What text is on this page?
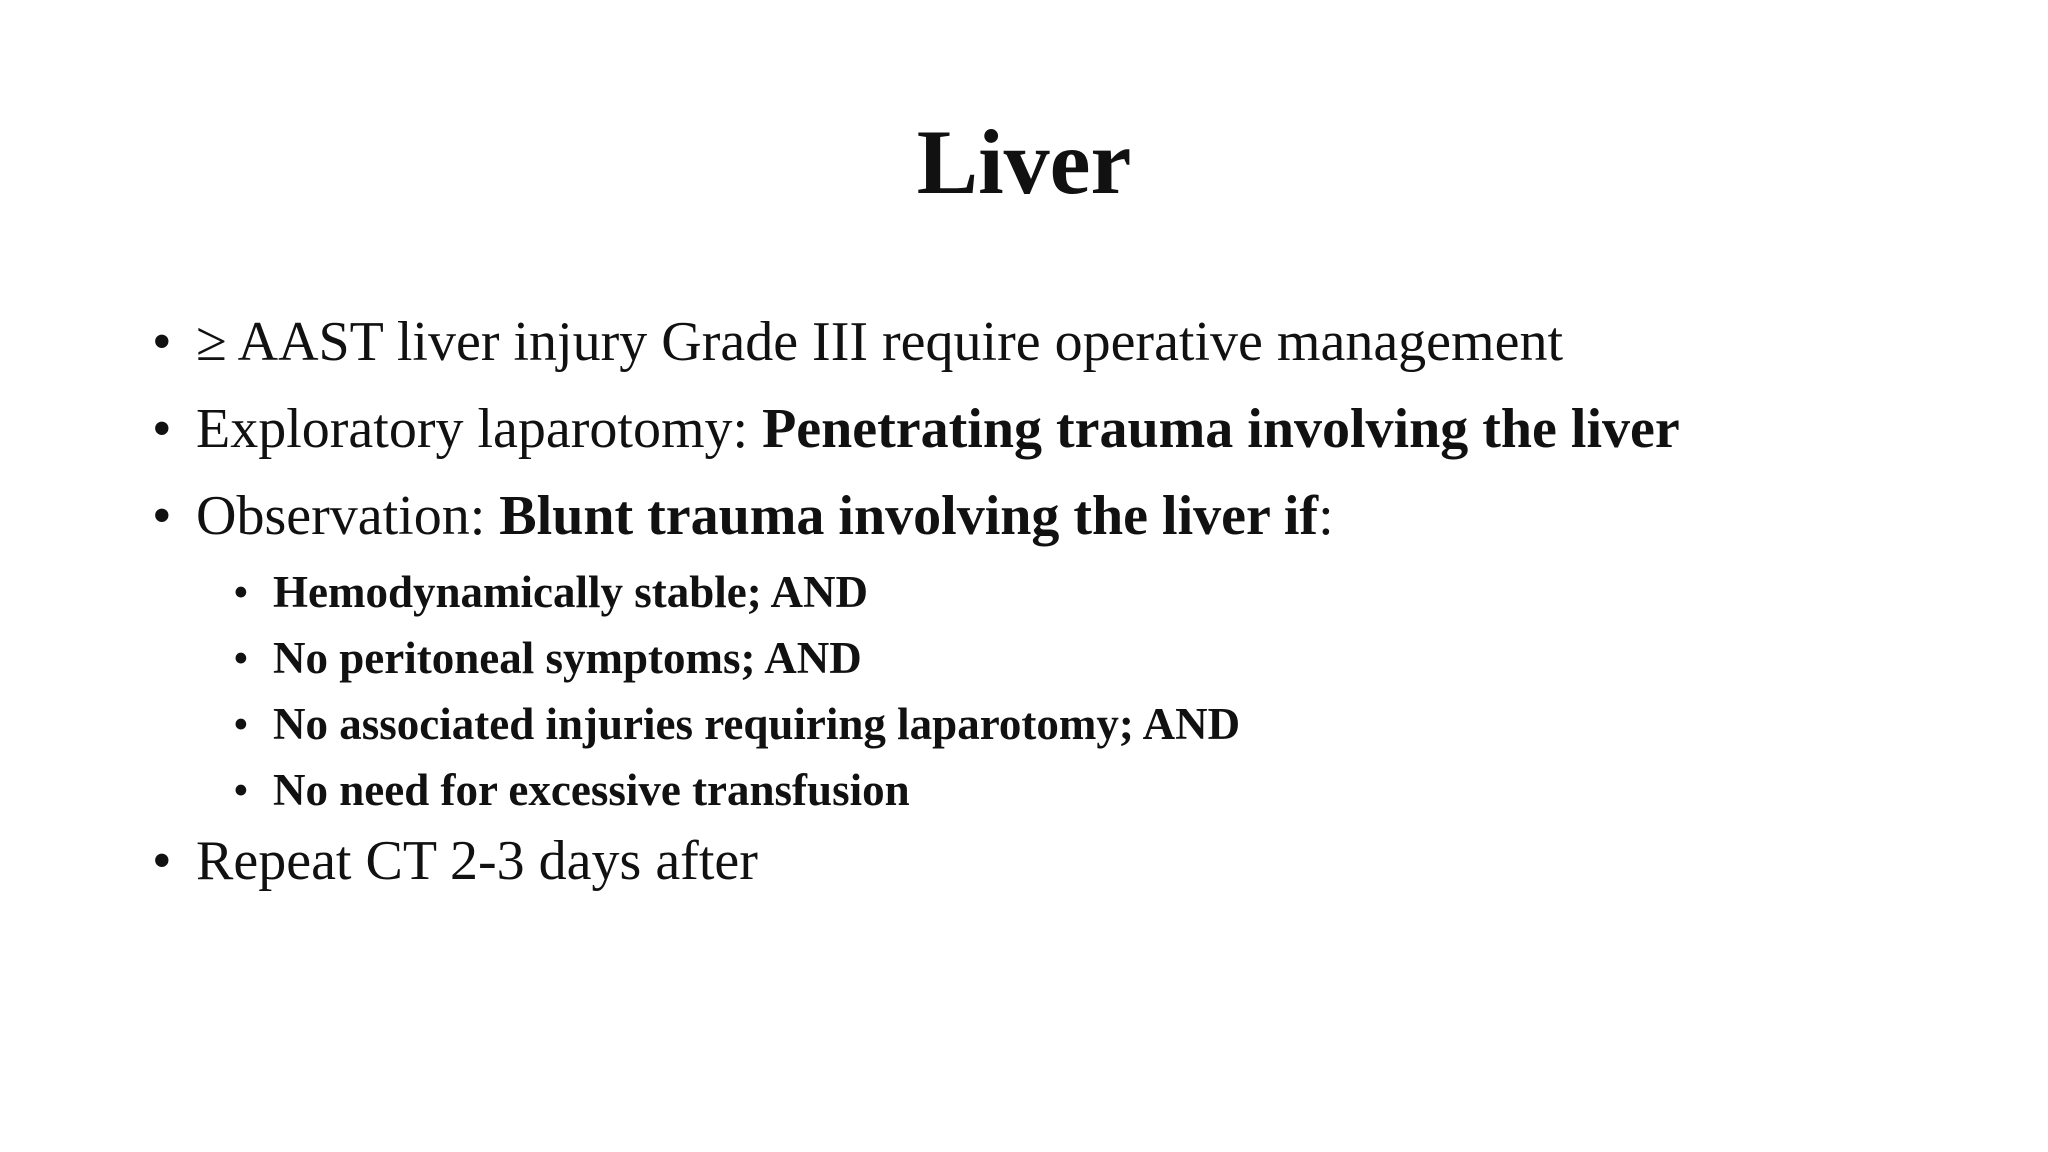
Liver
• ≥ AAST liver injury Grade III require operative management
• Exploratory laparotomy: Penetrating trauma involving the liver
• Observation: Blunt trauma involving the liver if:
• Hemodynamically stable; AND
• No peritoneal symptoms; AND
• No associated injuries requiring laparotomy; AND
• No need for excessive transfusion
• Repeat CT 2-3 days after
